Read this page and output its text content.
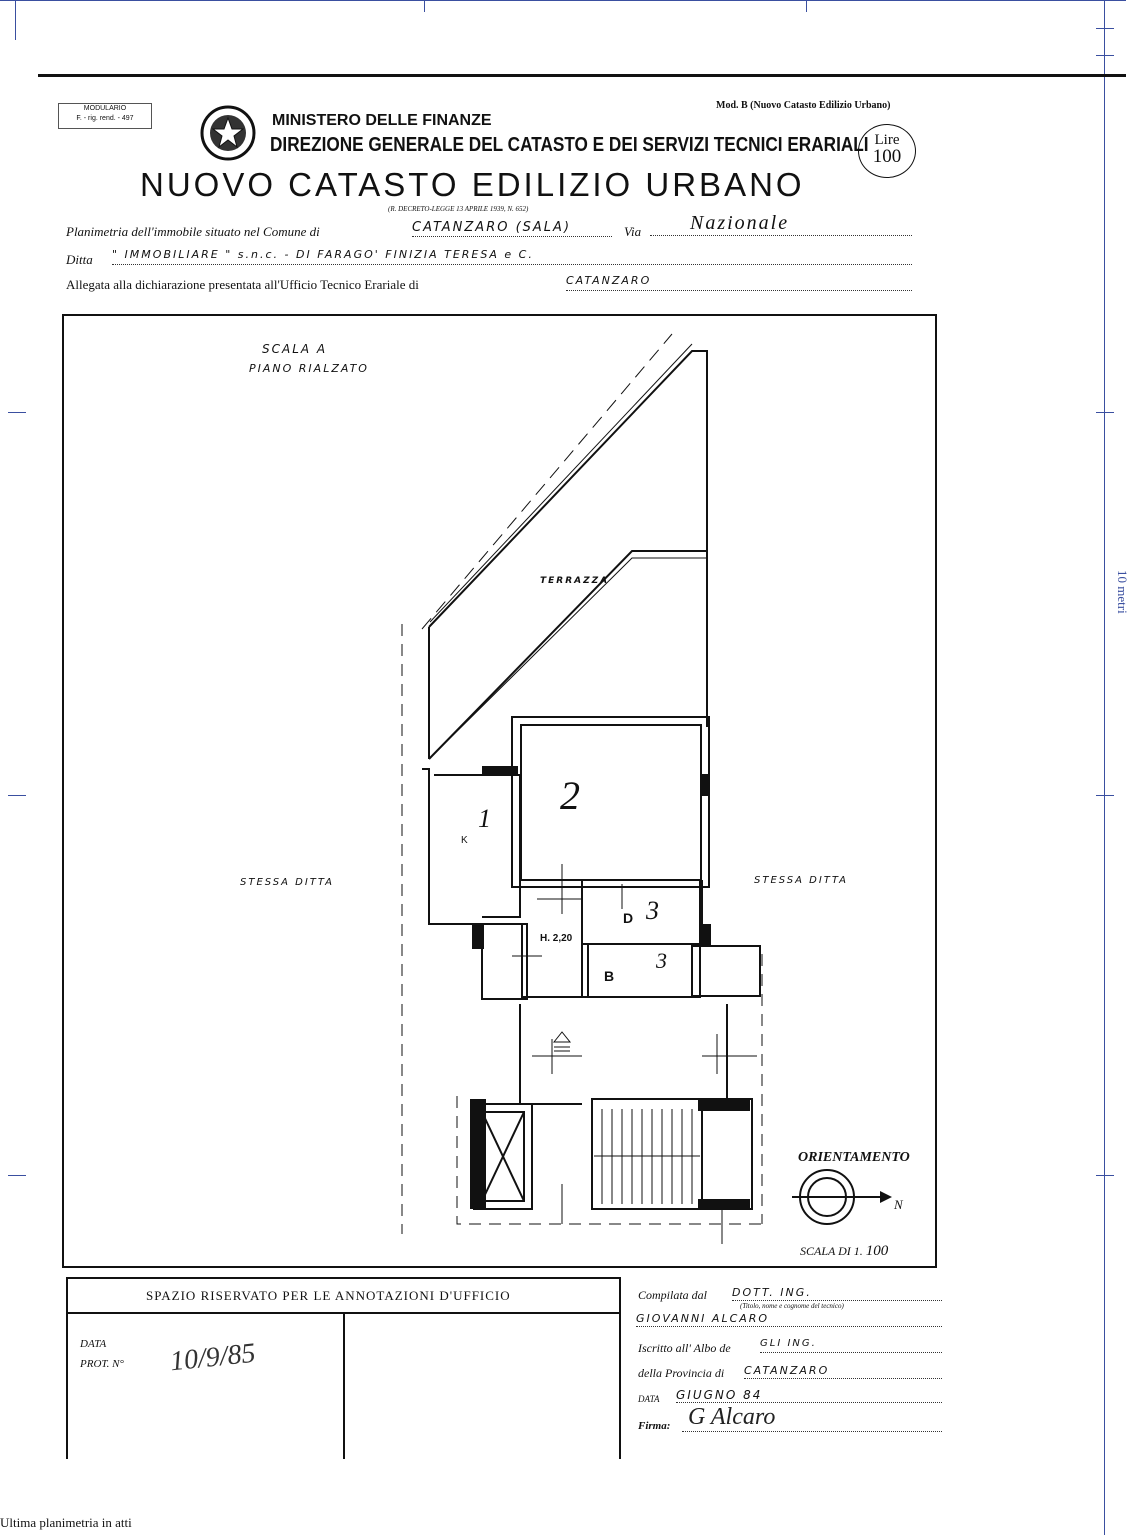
10 metri
MODULARIO
F. - rig. rend. - 497	MINISTERO DELLE FINANZE
DIREZIONE GENERALE DEL CATASTO E DEI SERVIZI TECNICI ERARIALI
Mod. B (Nuovo Catasto Edilizio Urbano)
Lire
100
NUOVO CATASTO EDILIZIO URBANO
(R. DECRETO-LEGGE 13 APRILE 1939, N. 652)
Planimetria dell'immobile situato nel Comune di	CATANZARO (SALA)	Via	Nazionale
Ditta " IMMOBILIARE " s.n.c. - DI FARAGO' FINIZIA TERESA e C.
Allegata alla dichiarazione presentata all'Ufficio Tecnico Erariale di	CATANZARO
SCALA A
PIANO RIALZATO
TERRAZZA
STESSA DITTA	STESSA DITTA
K
1
2
D 3
3
B
H. 2,20
ORIENTAMENTO
N
SCALA DI 1. 100
SPAZIO RISERVATO PER LE ANNOTAZIONI D'UFFICIO
DATA
PROT. N° 10/9/85
Compilata dal DOTT. ING.
(Titolo, nome e cognome del tecnico)
GIOVANNI ALCARO
Iscritto all' Albo de	GLI ING.
della Provincia di CATANZARO
DATA GIUGNO 84
Firma: G Alcaro
Ultima planimetria in atti
